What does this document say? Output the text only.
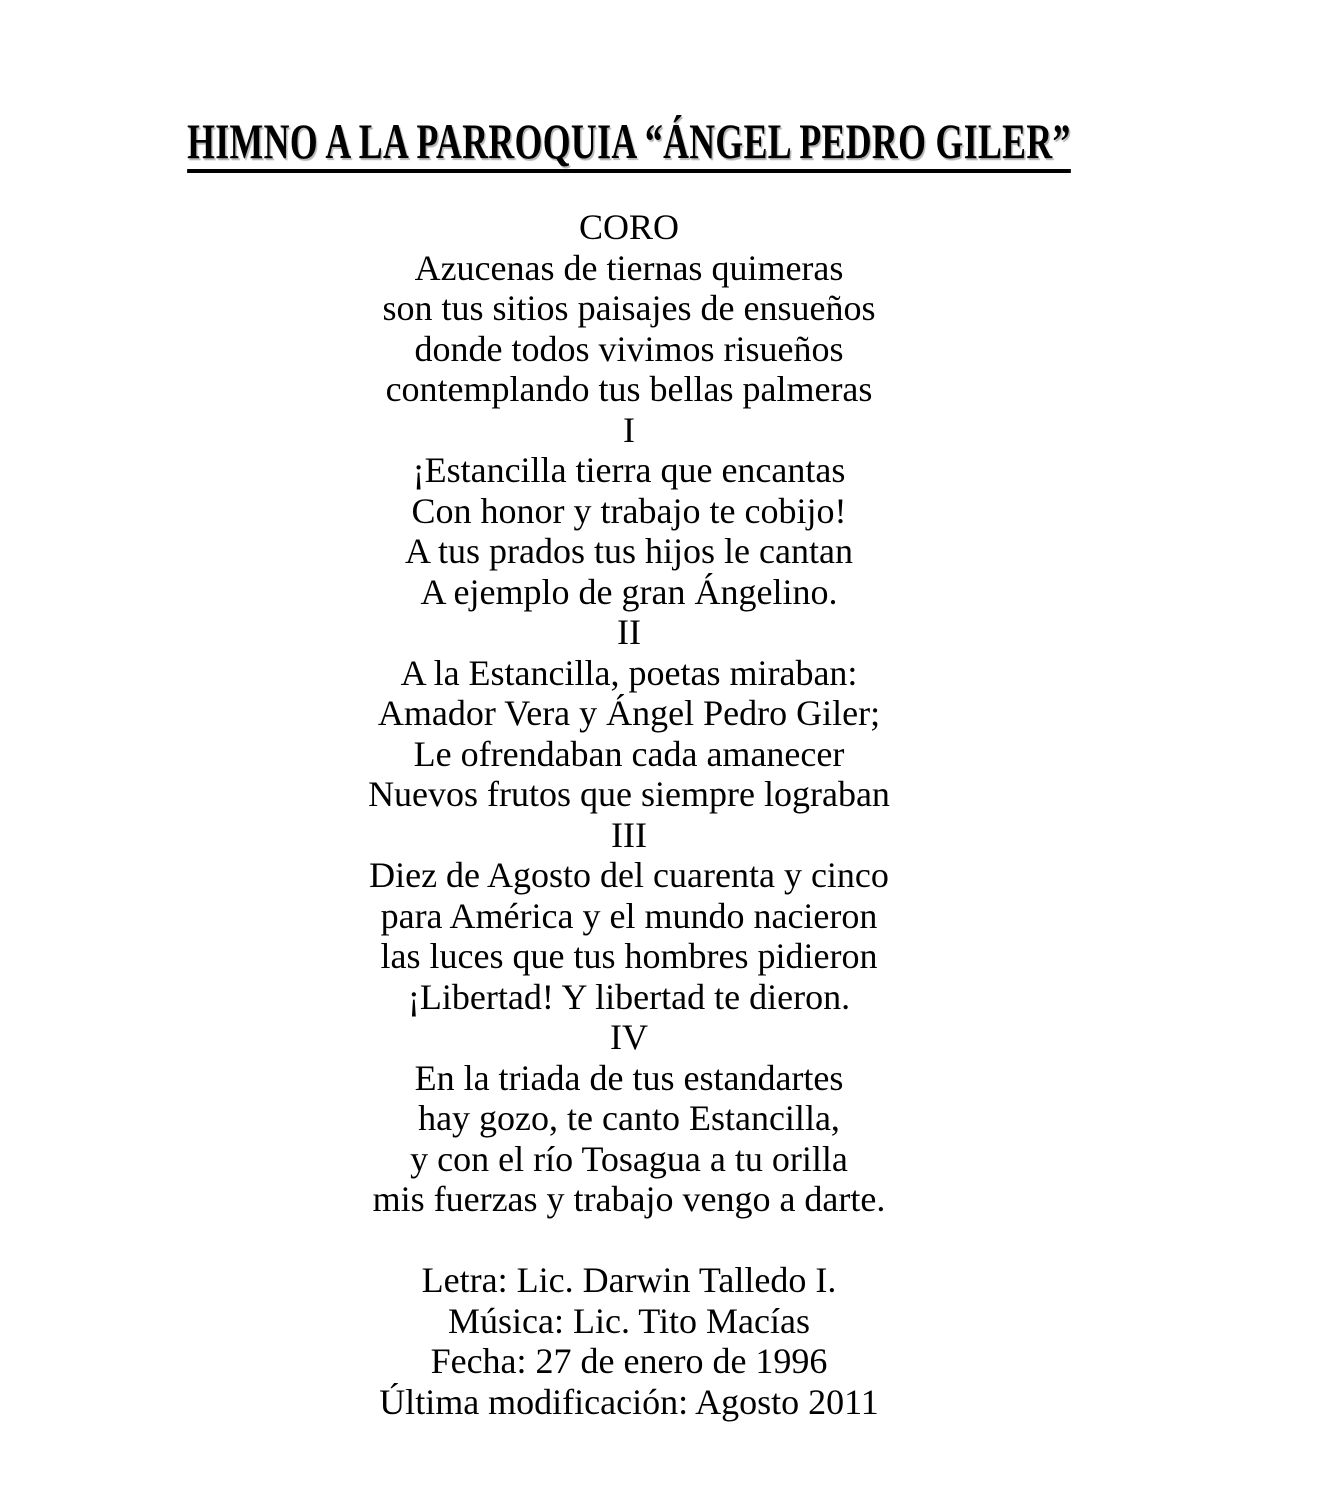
HIMNO A LA PARROQUIA “ÁNGEL PEDRO GILER”
CORO
Azucenas de tiernas quimeras
son tus sitios paisajes de ensueños
donde todos vivimos risueños
contemplando tus bellas palmeras
I
¡Estancilla tierra que encantas
Con honor y trabajo te cobijo!
A tus prados tus hijos le cantan
A ejemplo de gran Ángelino.
II
A la Estancilla, poetas miraban:
Amador Vera y Ángel Pedro Giler;
Le ofrendaban cada amanecer
Nuevos frutos que siempre lograban
III
Diez de Agosto del cuarenta y cinco
para América y el mundo nacieron
las luces que tus hombres pidieron
¡Libertad! Y libertad te dieron.
IV
En la triada de tus estandartes
hay gozo, te canto Estancilla,
y con el río Tosagua a tu orilla
mis fuerzas y trabajo vengo a darte.
Letra: Lic. Darwin Talledo I.
Música: Lic. Tito Macías
Fecha: 27 de enero de 1996
Última modificación: Agosto 2011
